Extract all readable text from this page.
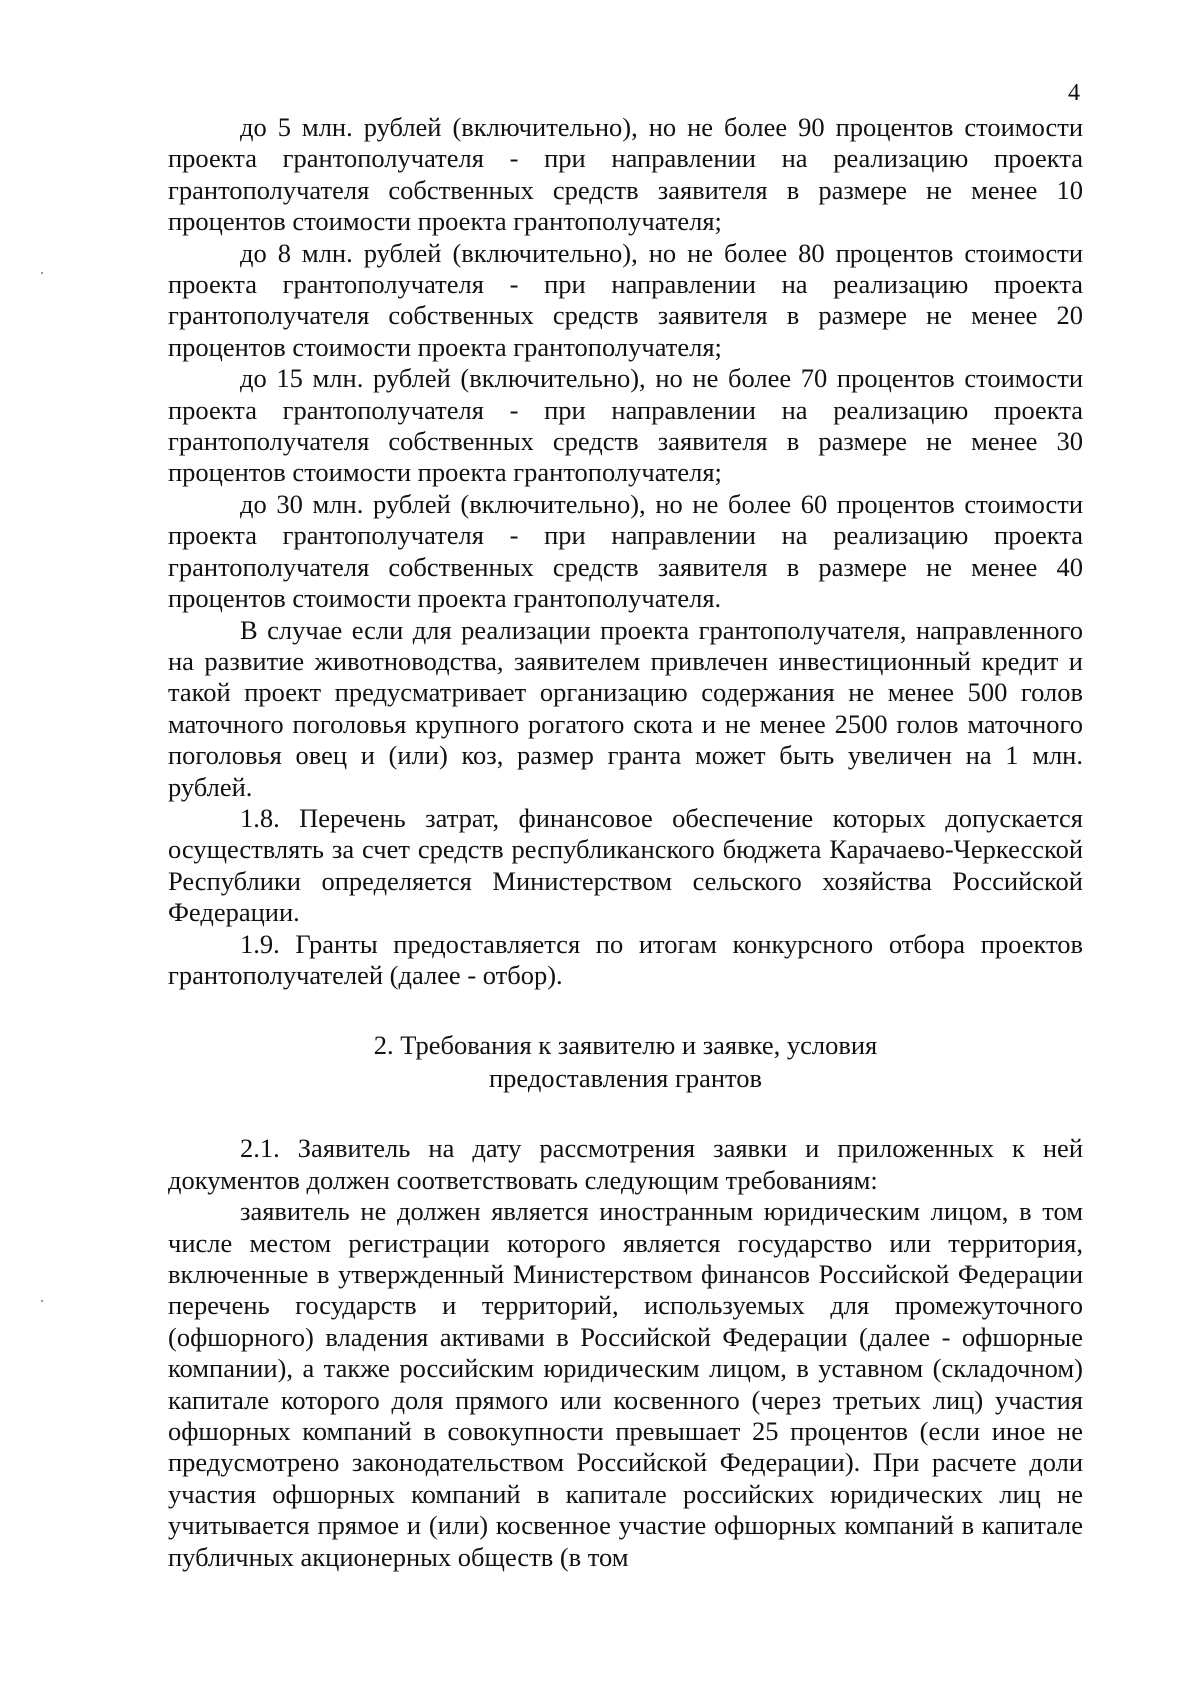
4

до 5 млн. рублей (включительно), но не более 90 процентов стоимости проекта грантополучателя - при направлении на реализацию проекта грантополучателя собственных средств заявителя в размере не менее 10 процентов стоимости проекта грантополучателя;

до 8 млн. рублей (включительно), но не более 80 процентов стоимости проекта грантополучателя - при направлении на реализацию проекта грантополучателя собственных средств заявителя в размере не менее 20 процентов стоимости проекта грантополучателя;

до 15 млн. рублей (включительно), но не более 70 процентов стоимости проекта грантополучателя - при направлении на реализацию проекта грантополучателя собственных средств заявителя в размере не менее 30 процентов стоимости проекта грантополучателя;

до 30 млн. рублей (включительно), но не более 60 процентов стоимости проекта грантополучателя - при направлении на реализацию проекта грантополучателя собственных средств заявителя в размере не менее 40 процентов стоимости проекта грантополучателя.

В случае если для реализации проекта грантополучателя, направленного на развитие животноводства, заявителем привлечен инвестиционный кредит и такой проект предусматривает организацию содержания не менее 500 голов маточного поголовья крупного рогатого скота и не менее 2500 голов маточного поголовья овец и (или) коз, размер гранта может быть увеличен на 1 млн. рублей.

1.8. Перечень затрат, финансовое обеспечение которых допускается осуществлять за счет средств республиканского бюджета Карачаево-Черкесской Республики определяется Министерством сельского хозяйства Российской Федерации.

1.9. Гранты предоставляется по итогам конкурсного отбора проектов грантополучателей (далее - отбор).

2. Требования к заявителю и заявке, условия
предоставления грантов

2.1. Заявитель на дату рассмотрения заявки и приложенных к ней документов должен соответствовать следующим требованиям:

заявитель не должен является иностранным юридическим лицом, в том числе местом регистрации которого является государство или территория, включенные в утвержденный Министерством финансов Российской Федерации перечень государств и территорий, используемых для промежуточного (офшорного) владения активами в Российской Федерации (далее - офшорные компании), а также российским юридическим лицом, в уставном (складочном) капитале которого доля прямого или косвенного (через третьих лиц) участия офшорных компаний в совокупности превышает 25 процентов (если иное не предусмотрено законодательством Российской Федерации). При расчете доли участия офшорных компаний в капитале российских юридических лиц не учитывается прямое и (или) косвенное участие офшорных компаний в капитале публичных акционерных обществ (в том
